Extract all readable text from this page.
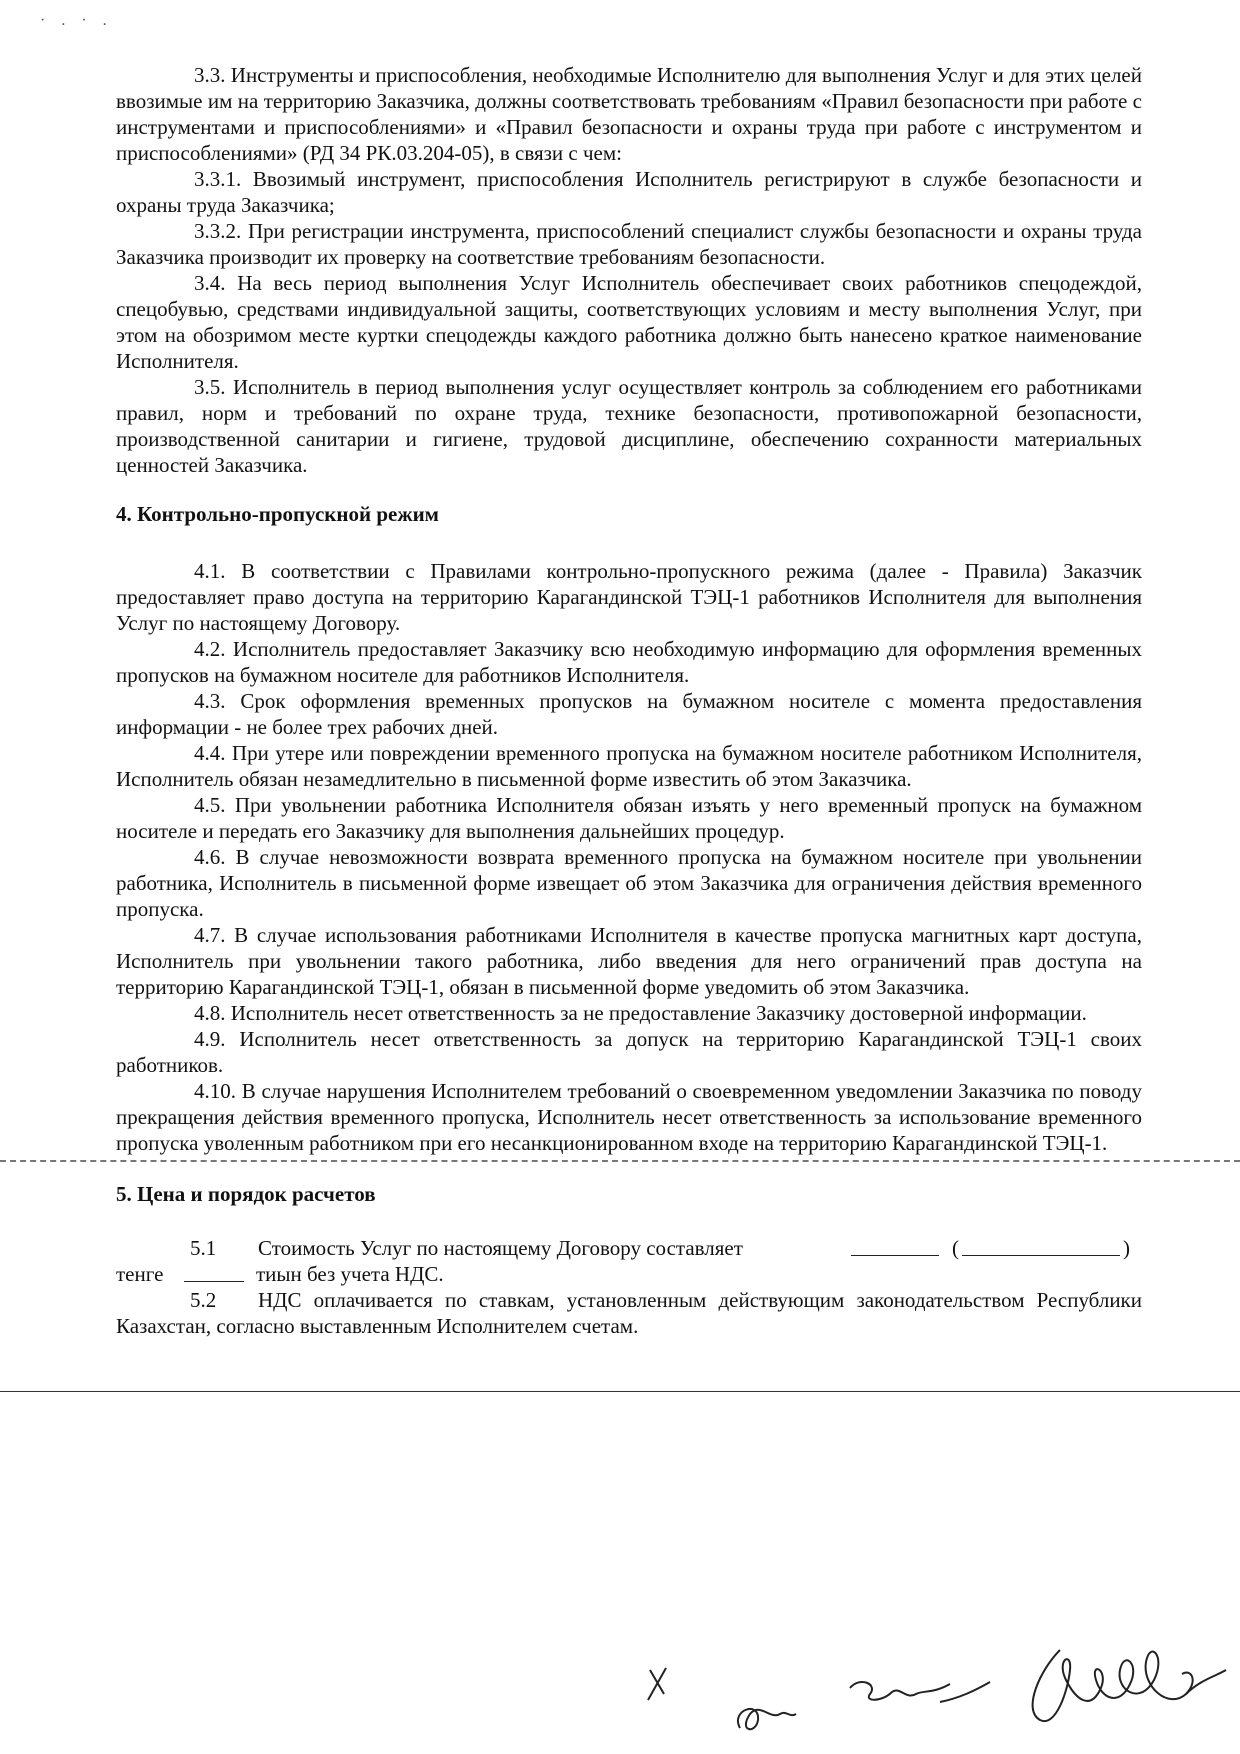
· . · .

3.3. Инструменты и приспособления, необходимые Исполнителю для выполнения Услуг и для этих целей ввозимые им на территорию Заказчика, должны соответствовать требованиям «Правил безопасности при работе с инструментами и приспособлениями» и «Правил безопасности и охраны труда при работе с инструментом и приспособлениями» (РД 34 РК.03.204-05), в связи с чем:

3.3.1. Ввозимый инструмент, приспособления Исполнитель регистрируют в службе безопасности и охраны труда Заказчика;

3.3.2. При регистрации инструмента, приспособлений специалист службы безопасности и охраны труда Заказчика производит их проверку на соответствие требованиям безопасности.

3.4. На весь период выполнения Услуг Исполнитель обеспечивает своих работников спецодеждой, спецобувью, средствами индивидуальной защиты, соответствующих условиям и месту выполнения Услуг, при этом на обозримом месте куртки спецодежды каждого работника должно быть нанесено краткое наименование Исполнителя.

3.5. Исполнитель в период выполнения услуг осуществляет контроль за соблюдением его работниками правил, норм и требований по охране труда, технике безопасности, противопожарной безопасности, производственной санитарии и гигиене, трудовой дисциплине, обеспечению сохранности материальных ценностей Заказчика.

4. Контрольно-пропускной режим

4.1. В соответствии с Правилами контрольно-пропускного режима (далее - Правила) Заказчик предоставляет право доступа на территорию Карагандинской ТЭЦ-1 работников Исполнителя для выполнения Услуг по настоящему Договору.

4.2. Исполнитель предоставляет Заказчику всю необходимую информацию для оформления временных пропусков на бумажном носителе для работников Исполнителя.

4.3. Срок оформления временных пропусков на бумажном носителе с момента предоставления информации - не более трех рабочих дней.

4.4. При утере или повреждении временного пропуска на бумажном носителе работником Исполнителя, Исполнитель обязан незамедлительно в письменной форме известить об этом Заказчика.

4.5. При увольнении работника Исполнителя обязан изъять у него временный пропуск на бумажном носителе и передать его Заказчику для выполнения дальнейших процедур.

4.6. В случае невозможности возврата временного пропуска на бумажном носителе при увольнении работника, Исполнитель в письменной форме извещает об этом Заказчика для ограничения действия временного пропуска.

4.7. В случае использования работниками Исполнителя в качестве пропуска магнитных карт доступа, Исполнитель при увольнении такого работника, либо введения для него ограничений прав доступа на территорию Карагандинской ТЭЦ-1, обязан в письменной форме уведомить об этом Заказчика.

4.8. Исполнитель несет ответственность за не предоставление Заказчику достоверной информации.

4.9. Исполнитель несет ответственность за допуск на территорию Карагандинской ТЭЦ-1 своих работников.

4.10. В случае нарушения Исполнителем требований о своевременном уведомлении Заказчика по поводу прекращения действия временного пропуска, Исполнитель несет ответственность за использование временного пропуска уволенным работником при его несанкционированном входе на территорию Карагандинской ТЭЦ-1.

5. Цена и порядок расчетов

5.1 Стоимость Услуг по настоящему Договору составляет	(	)
тенге	тиын без учета НДС.

5.2 НДС оплачивается по ставкам, установленным действующим законодательством Республики Казахстан, согласно выставленным Исполнителем счетам.
